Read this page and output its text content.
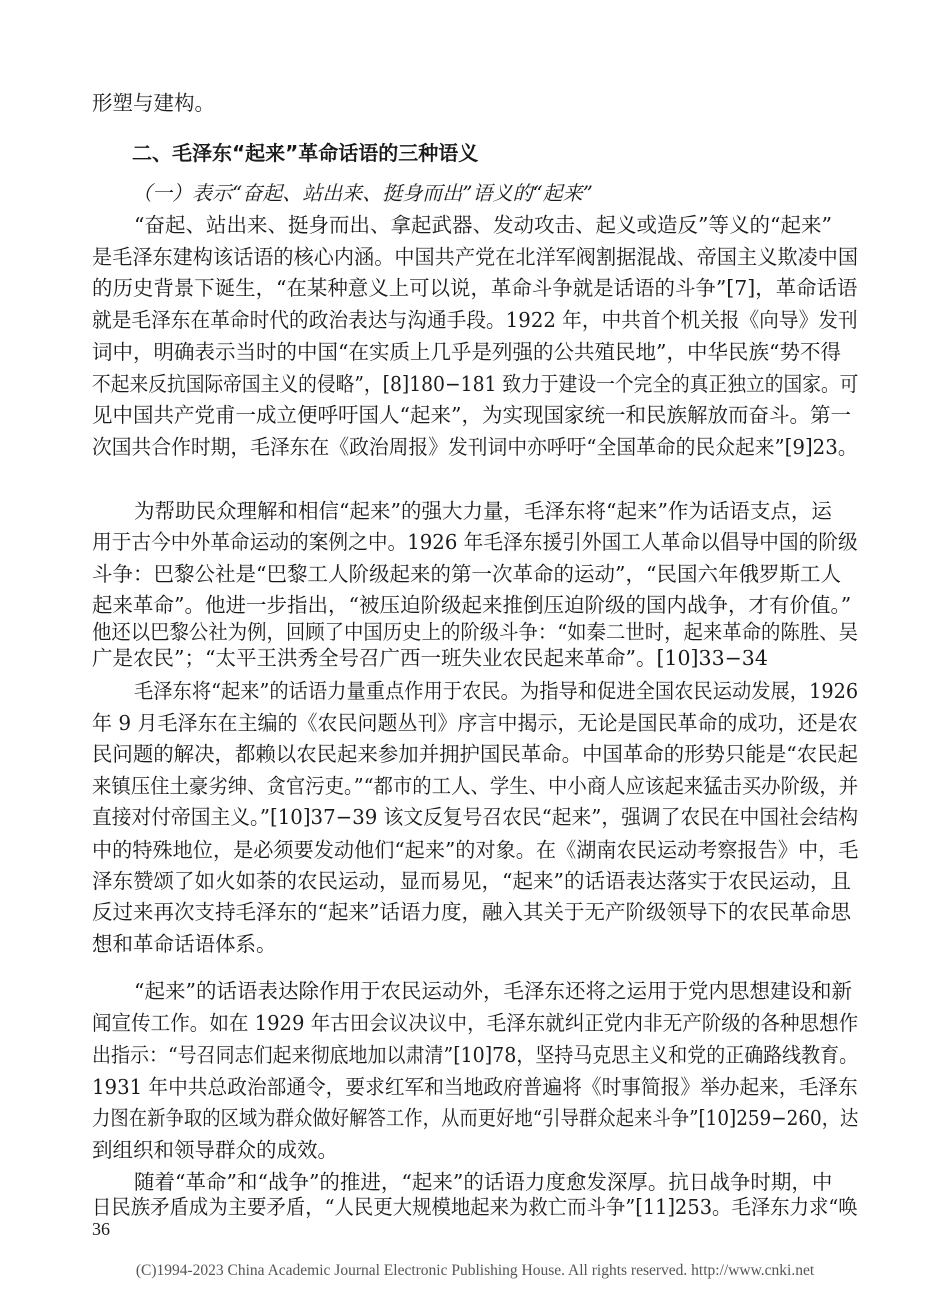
形塑与建构。
二、毛泽东“起来”革命话语的三种语义
（一）表示“奋起、站出来、挺身而出”语义的“起来”
“奋起、站出来、挺身而出、拿起武器、发动攻击、起义或造反”等义的“起来”
是毛泽东建构该话语的核心内涵。中国共产党在北洋军阀割据混战、帝国主义欺凌中国
的历史背景下诞生，“在某种意义上可以说，革命斗争就是话语的斗争”[7]，革命话语
就是毛泽东在革命时代的政治表达与沟通手段。1922 年，中共首个机关报《向导》发刊
词中，明确表示当时的中国“在实质上几乎是列强的公共殖民地”，中华民族“势不得
不起来反抗国际帝国主义的侵略”，[8]180−181 致力于建设一个完全的真正独立的国家。可
见中国共产党甫一成立便呼吁国人“起来”，为实现国家统一和民族解放而奋斗。第一
次国共合作时期，毛泽东在《政治周报》发刊词中亦呼吁“全国革命的民众起来”[9]23。
为帮助民众理解和相信“起来”的强大力量，毛泽东将“起来”作为话语支点，运
用于古今中外革命运动的案例之中。1926 年毛泽东援引外国工人革命以倡导中国的阶级
斗争：巴黎公社是“巴黎工人阶级起来的第一次革命的运动”，“民国六年俄罗斯工人
起来革命”。他进一步指出，“被压迫阶级起来推倒压迫阶级的国内战争，才有价值。”
他还以巴黎公社为例，回顾了中国历史上的阶级斗争：“如秦二世时，起来革命的陈胜、吴
广是农民”；“太平王洪秀全号召广西一班失业农民起来革命”。[10]33−34
毛泽东将“起来”的话语力量重点作用于农民。为指导和促进全国农民运动发展，1926
年 9 月毛泽东在主编的《农民问题丛刊》序言中揭示，无论是国民革命的成功，还是农
民问题的解决，都赖以农民起来参加并拥护国民革命。中国革命的形势只能是“农民起
来镇压住土豪劣绅、贪官污吏。”“都市的工人、学生、中小商人应该起来猛击买办阶级，并
直接对付帝国主义。”[10]37−39 该文反复号召农民“起来”，强调了农民在中国社会结构
中的特殊地位，是必须要发动他们“起来”的对象。在《湖南农民运动考察报告》中，毛
泽东赞颂了如火如荼的农民运动，显而易见，“起来”的话语表达落实于农民运动，且
反过来再次支持毛泽东的“起来”话语力度，融入其关于无产阶级领导下的农民革命思
想和革命话语体系。
“起来”的话语表达除作用于农民运动外，毛泽东还将之运用于党内思想建设和新
闻宣传工作。如在 1929 年古田会议决议中，毛泽东就纠正党内非无产阶级的各种思想作
出指示：“号召同志们起来彻底地加以肃清”[10]78，坚持马克思主义和党的正确路线教育。
1931 年中共总政治部通令，要求红军和当地政府普遍将《时事简报》举办起来，毛泽东
力图在新争取的区域为群众做好解答工作，从而更好地“引导群众起来斗争”[10]259−260，达
到组织和领导群众的成效。
随着“革命”和“战争”的推进，“起来”的话语力度愈发深厚。抗日战争时期，中
日民族矛盾成为主要矛盾，“人民更大规模地起来为救亡而斗争”[11]253。毛泽东力求“唤
36
(C)1994-2023 China Academic Journal Electronic Publishing House. All rights reserved. http://www.cnki.net
